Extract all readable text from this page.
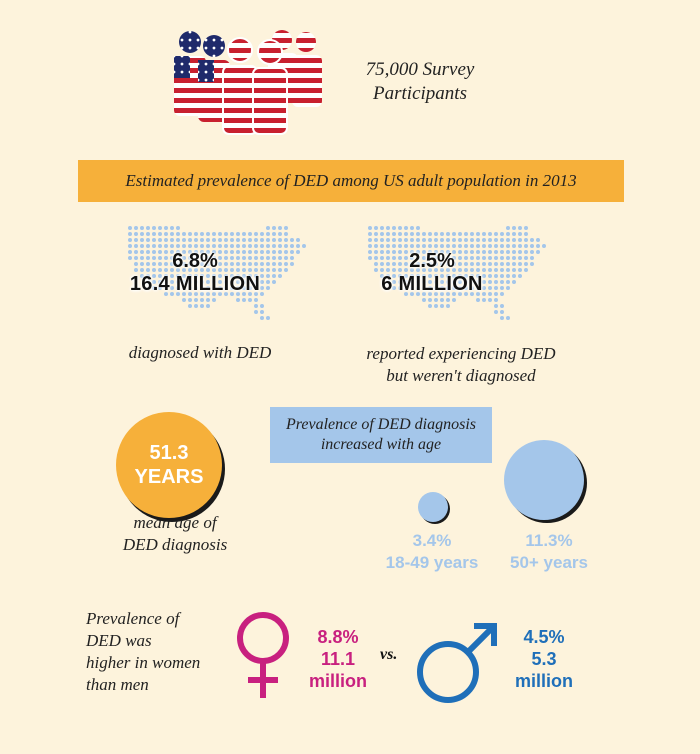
75,000 Survey Participants
Estimated prevalence of DED among US adult population in 2013
6.8%
16.4 MILLION
2.5%
6 MILLION
diagnosed with DED	reported experiencing DED
but weren't diagnosed
51.3
YEARS
mean age of
DED diagnosis
Prevalence of DED diagnosis
increased with age
3.4%
18-49 years
11.3%
50+ years
Prevalence of
DED was
higher in women
than men
8.8%
11.1
million
vs.
4.5%
5.3
million
